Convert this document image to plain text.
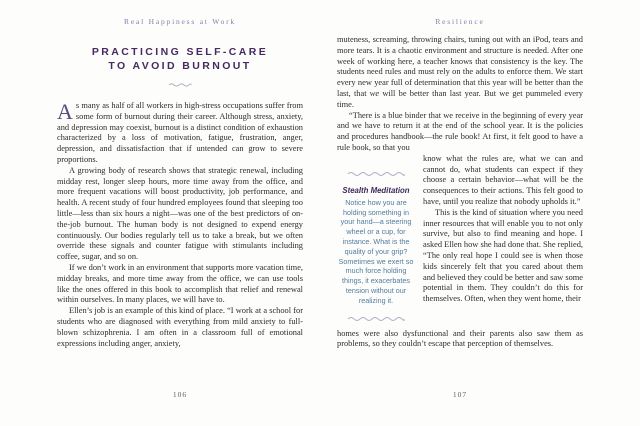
Real Happiness at Work
PRACTICING SELF-CARE
TO AVOID BURNOUT

As many as half of all workers in high-stress occupations suffer from some form of burnout during their career. Although stress, anxiety, and depression may coexist, burnout is a distinct condition of exhaustion characterized by a loss of motivation, fatigue, frustration, anger, depression, and dissatisfaction that if untended can grow to severe proportions.

A growing body of research shows that strategic renewal, including midday rest, longer sleep hours, more time away from the office, and more frequent vacations will boost productivity, job performance, and health. A recent study of four hundred employees found that sleeping too little—less than six hours a night—was one of the best predictors of on-the-job burnout. The human body is not designed to expend energy continuously. Our bodies regularly tell us to take a break, but we often override these signals and counter fatigue with stimulants including coffee, sugar, and so on.

If we don’t work in an environment that supports more vacation time, midday breaks, and more time away from the office, we can use tools like the ones offered in this book to accomplish that relief and renewal within ourselves. In many places, we will have to.

Ellen’s job is an example of this kind of place. “I work at a school for students who are diagnosed with everything from mild anxiety to full-blown schizophrenia. I am often in a classroom full of emotional expressions including anger, anxiety,

106
Resilience

muteness, screaming, throwing chairs, tuning out with an iPod, tears and more tears. It is a chaotic environment and structure is needed. After one week of working here, a teacher knows that consistency is the key. The students need rules and must rely on the adults to enforce them. We start every new year full of determination that this year will be better than the last, that we will be better than last year. But we get pummeled every time.

“There is a blue binder that we receive in the beginning of every year and we have to return it at the end of the school year. It is the policies and procedures handbook—the rule book! At first, it felt good to have a rule book, so that you

Stealth Meditation
Notice how you are holding something in your hand—a steering wheel or a cup, for instance. What is the quality of your grip? Sometimes we exert so much force holding things, it exacerbates tension without our realizing it.

know what the rules are, what we can and cannot do, what students can expect if they choose a certain behavior—what will be the consequences to their actions. This felt good to have, until you realize that nobody upholds it.”

This is the kind of situation where you need inner resources that will enable you to not only survive, but also to find meaning and hope. I asked Ellen how she had done that. She replied, “The only real hope I could see is when those kids sincerely felt that you cared about them and believed they could be better and saw some potential in them. They couldn’t do this for themselves. Often, when they went home, their

homes were also dysfunctional and their parents also saw them as problems, so they couldn’t escape that perception of themselves.

107
